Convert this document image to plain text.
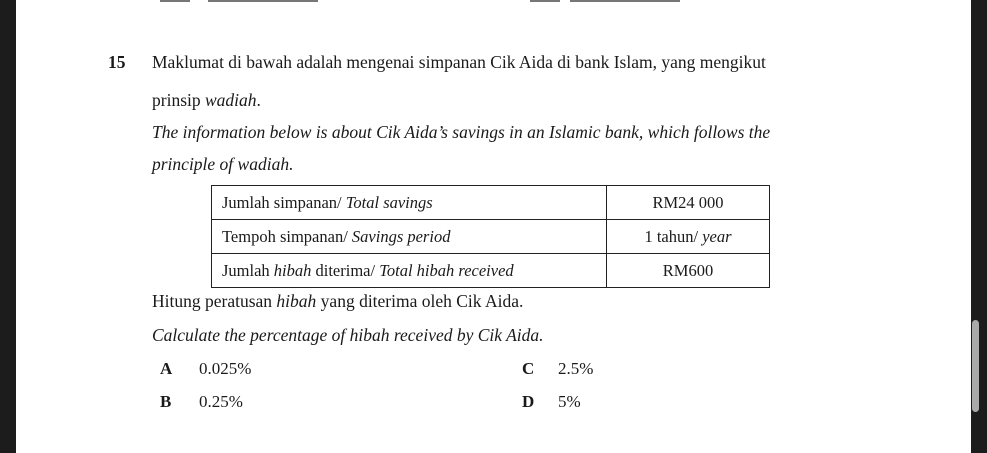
15 Maklumat di bawah adalah mengenai simpanan Cik Aida di bank Islam, yang mengikut
prinsip wadiah.
The information below is about Cik Aida’s savings in an Islamic bank, which follows the
principle of wadiah.
Jumlah simpanan/ Total savings	RM24 000
Tempoh simpanan/ Savings period	1 tahun/ year
Jumlah hibah diterima/ Total hibah received	RM600
Hitung peratusan hibah yang diterima oleh Cik Aida.
Calculate the percentage of hibah received by Cik Aida.
A 0.025%
B 0.25%
C 2.5%
D 5%
